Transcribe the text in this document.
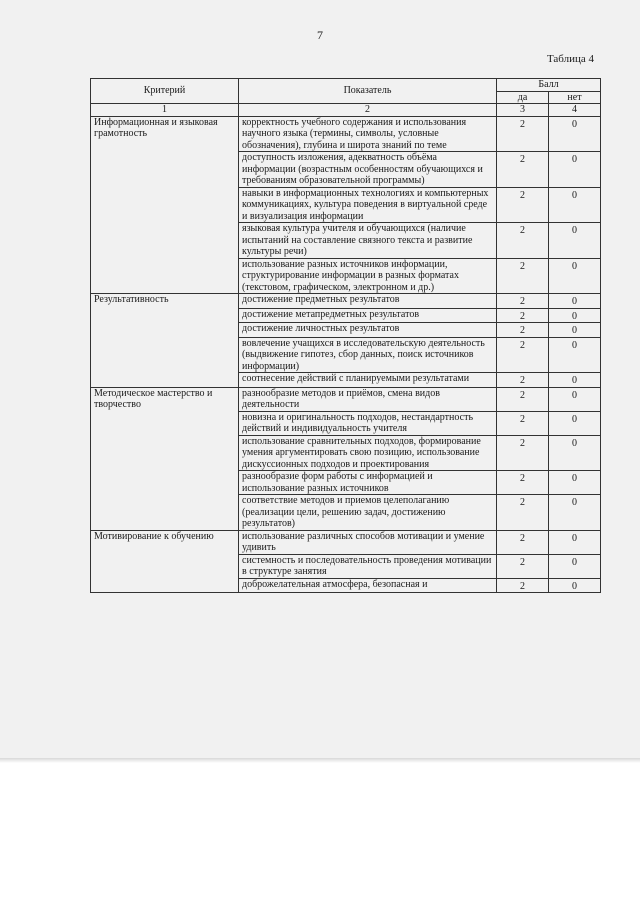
7
Таблица 4
Критерий	Показатель	Балл	
		да	нет
1	2	3	4
Информационная и языковая грамотность	корректность учебного содержания и использования научного языка (термины, символы, условные обозначения), глубина и широта знаний по теме	2	0
	доступность изложения, адекватность объёма информации (возрастным особенностям обучающихся и требованиям образовательной программы)	2	0
	навыки в информационных технологиях и компьютерных коммуникациях, культура поведения в виртуальной среде и визуализация информации	2	0
	языковая культура учителя и обучающихся (наличие испытаний на составление связного текста и развитие культуры речи)	2	0
	использование разных источников информации, структурирование информации в разных форматах (текстовом, графическом, электронном и др.)	2	0
Результативность	достижение предметных результатов	2	0
	достижение метапредметных результатов	2	0
	достижение личностных результатов	2	0
	вовлечение учащихся в исследовательскую деятельность (выдвижение гипотез, сбор данных, поиск источников информации)	2	0
	соотнесение действий с планируемыми результатами	2	0
Методическое мастерство и творчество	разнообразие методов и приёмов, смена видов деятельности	2	0
	новизна и оригинальность подходов, нестандартность действий и индивидуальность учителя	2	0
	использование сравнительных подходов, формирование умения аргументировать свою позицию, использование дискуссионных подходов и проектирования	2	0
	разнообразие форм работы с информацией и использование разных источников	2	0
	соответствие методов и приемов целеполаганию (реализации цели, решению задач, достижению результатов)	2	0
Мотивирование к обучению	использование различных способов мотивации и умение удивить	2	0
	системность и последовательность проведения мотивации в структуре занятия	2	0
	доброжелательная атмосфера, безопасная и	2	0
